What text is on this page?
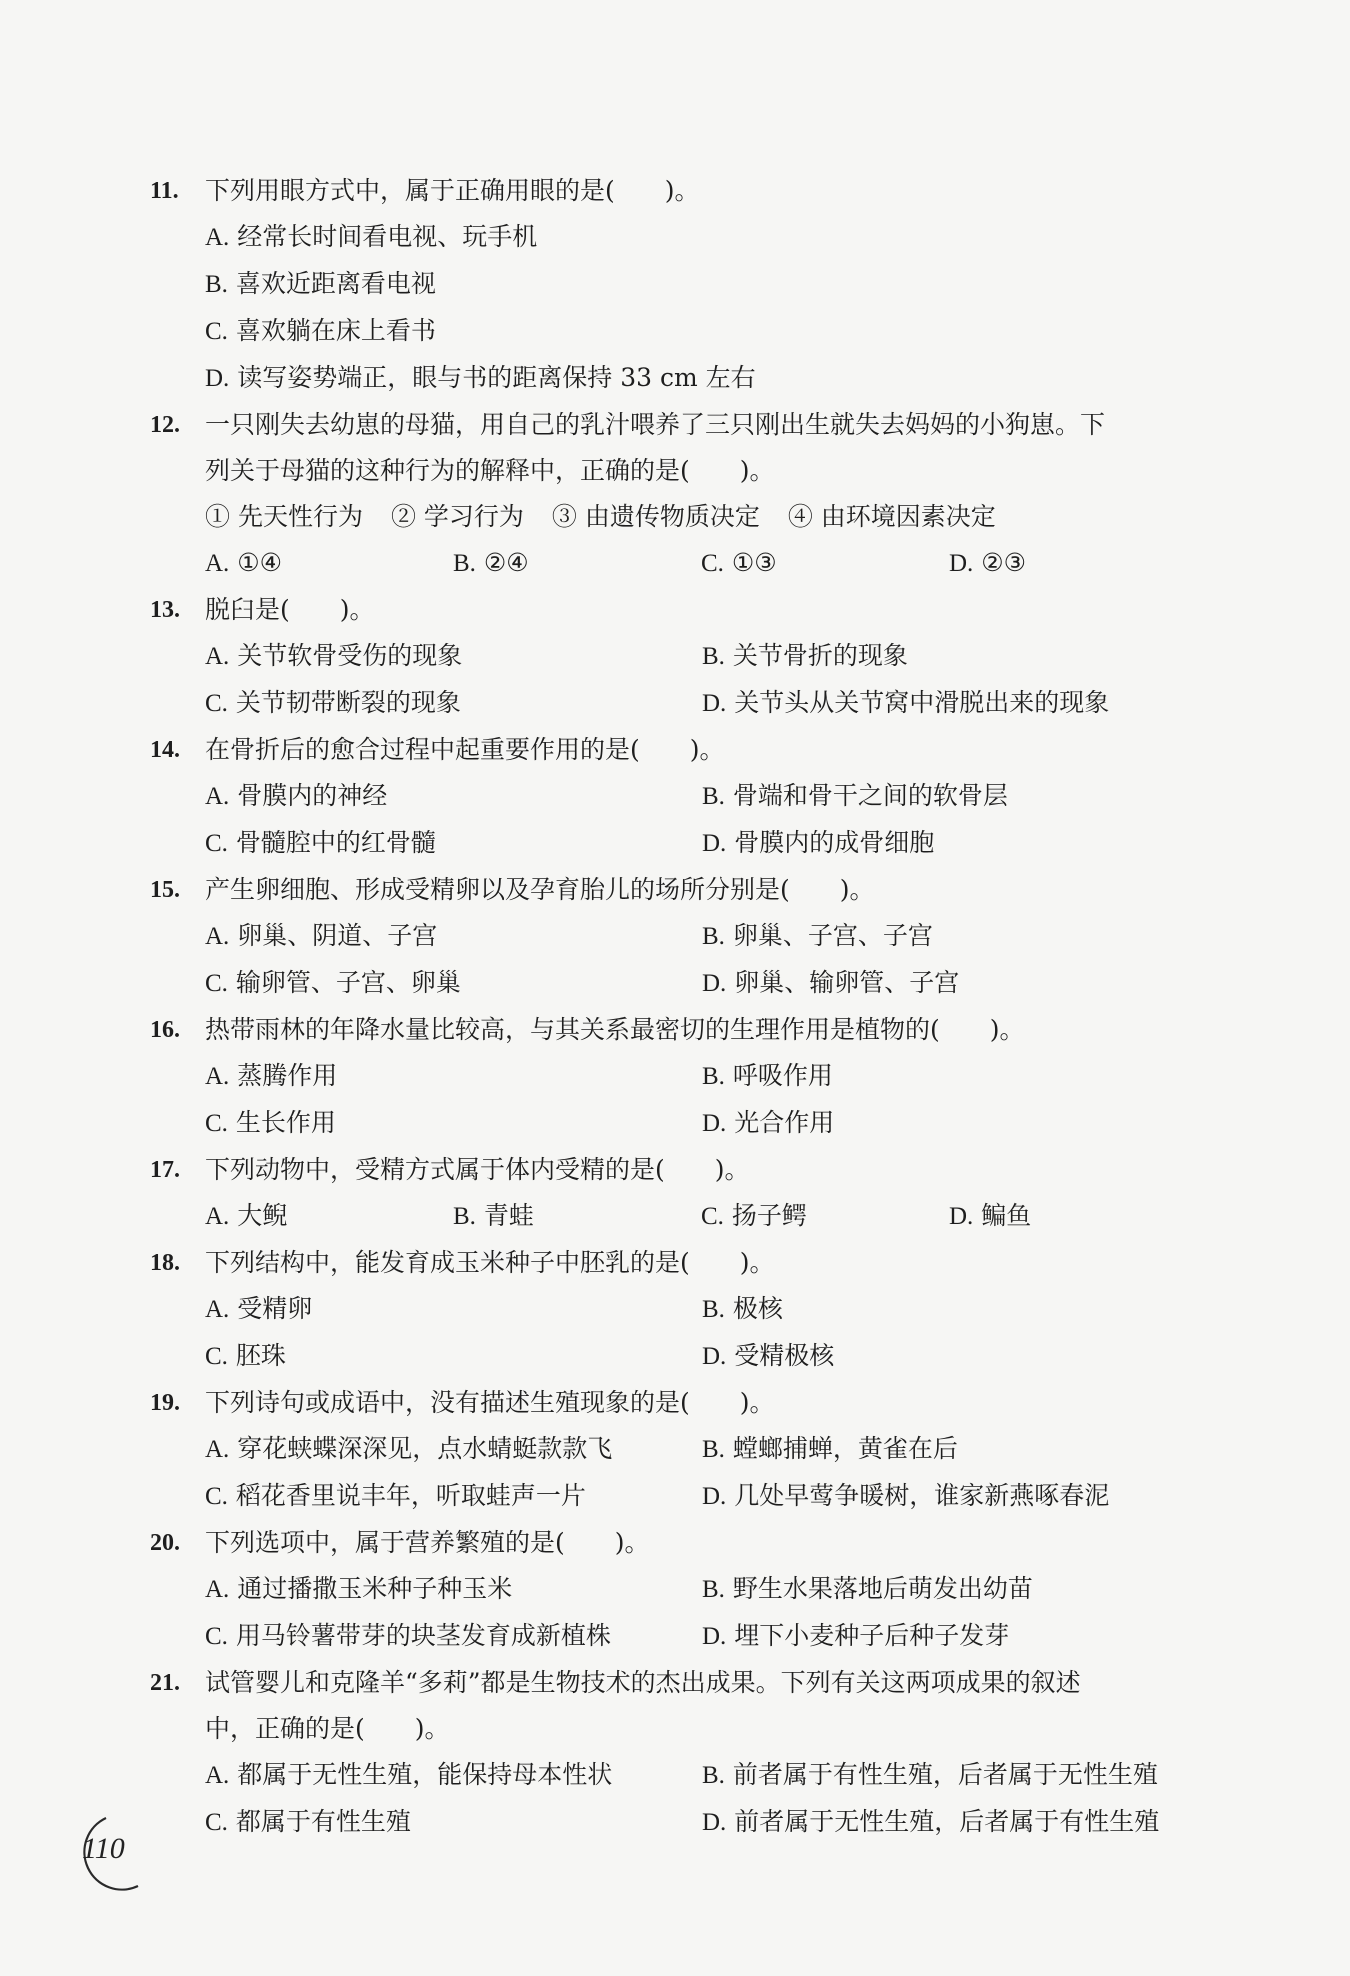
11.	下列用眼方式中，属于正确用眼的是(　　)。
A. 经常长时间看电视、玩手机
B. 喜欢近距离看电视
C. 喜欢躺在床上看书
D. 读写姿势端正，眼与书的距离保持 33 cm 左右
12.	一只刚失去幼崽的母猫，用自己的乳汁喂养了三只刚出生就失去妈妈的小狗崽。下
列关于母猫的这种行为的解释中，正确的是(　　)。
① 先天性行为 ② 学习行为 ③ 由遗传物质决定 ④ 由环境因素决定
A. ①④	B. ②④	C. ①③	D. ②③
13.	脱臼是(　　)。
A. 关节软骨受伤的现象	B. 关节骨折的现象
C. 关节韧带断裂的现象	D. 关节头从关节窝中滑脱出来的现象
14.	在骨折后的愈合过程中起重要作用的是(　　)。
A. 骨膜内的神经	B. 骨端和骨干之间的软骨层
C. 骨髓腔中的红骨髓	D. 骨膜内的成骨细胞
15.	产生卵细胞、形成受精卵以及孕育胎儿的场所分别是(　　)。
A. 卵巢、阴道、子宫	B. 卵巢、子宫、子宫
C. 输卵管、子宫、卵巢	D. 卵巢、输卵管、子宫
16.	热带雨林的年降水量比较高，与其关系最密切的生理作用是植物的(　　)。
A. 蒸腾作用	B. 呼吸作用
C. 生长作用	D. 光合作用
17.	下列动物中，受精方式属于体内受精的是(　　)。
A. 大鲵	B. 青蛙	C. 扬子鳄	D. 鳊鱼
18.	下列结构中，能发育成玉米种子中胚乳的是(　　)。
A. 受精卵	B. 极核
C. 胚珠	D. 受精极核
19.	下列诗句或成语中，没有描述生殖现象的是(　　)。
A. 穿花蛱蝶深深见，点水蜻蜓款款飞	B. 螳螂捕蝉，黄雀在后
C. 稻花香里说丰年，听取蛙声一片	D. 几处早莺争暖树，谁家新燕啄春泥
20.	下列选项中，属于营养繁殖的是(　　)。
A. 通过播撒玉米种子种玉米	B. 野生水果落地后萌发出幼苗
C. 用马铃薯带芽的块茎发育成新植株	D. 埋下小麦种子后种子发芽
21.	试管婴儿和克隆羊“多莉”都是生物技术的杰出成果。下列有关这两项成果的叙述
中，正确的是(　　)。
A. 都属于无性生殖，能保持母本性状	B. 前者属于有性生殖，后者属于无性生殖
C. 都属于有性生殖	D. 前者属于无性生殖，后者属于有性生殖
110
